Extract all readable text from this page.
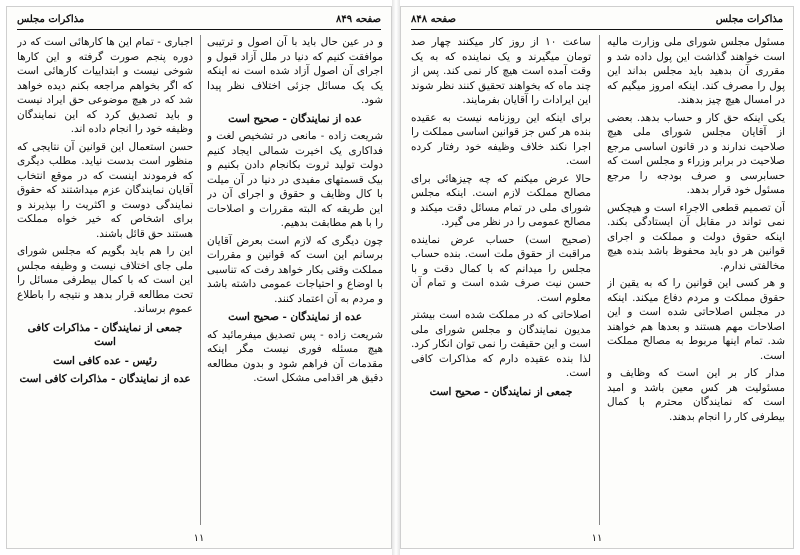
مذاکرات مجلس	صفحه ۸۴۹

و در عین حال باید با آن اصول و ترتیبی موافقت کنیم که دنیا در ملل آزاد قبول و اجرای آن اصول آزاد شده است نه اینکه یک یک مسائل جزئی اختلاف نظر پیدا شود.

عده از نمایندگان - صحیح است

شریعت زاده - مانعی در تشخیص لغت و فداکاری یک اخیرت شمالی ایجاد کنیم دولت تولید ثروت بکانجام دادن بکنیم و بیک قسمتهای مفیدی در دنیا در آن میلت با کال وظایف و حقوق و اجرای آن در این طریقه که البته مقررات و اصلاحات را با هم مطابقت بدهیم.

چون دیگری که لازم است بعرض آقایان برسانم این است که قوانین و مقررات مملکت وقتی بکار خواهد رفت که تناسبی با اوضاع و احتیاجات عمومی داشته باشد و مردم به آن اعتماد کنند.

عده از نمایندگان - صحیح است

شریعت زاده - پس تصدیق میفرمائید که هیچ مسئله فوری نیست مگر اینکه مقدمات آن فراهم شود و بدون مطالعه دقیق هر اقدامی مشکل است.

اجباری - تمام این ها کارهائی است که در دوره پنجم صورت گرفته و این کارها شوخی نیست و ابتداییات کارهائی است که اگر بخواهم مراجعه بکنم دیده خواهد شد که در هیچ موضوعی حق ایراد نیست و باید تصدیق کرد که این نمایندگان وظیفه خود را انجام داده اند.

حسن استعمال این قوانین آن نتایجی که منظور است بدست نیاید. مطلب دیگری که فرمودند اینست که در موقع انتخاب آقایان نمایندگان عزم میداشتند که حقوق نمایندگی دوست و اکثریت را بپذیرند و برای اشخاص که خیر خواه مملکت هستند حق قائل باشند.

این را هم باید بگویم که مجلس شورای ملی جای اختلاف نیست و وظیفه مجلس این است که با کمال بیطرفی مسائل را تحت مطالعه قرار بدهد و نتیجه را باطلاع عموم برساند.

جمعی از نمایندگان - مذاکرات کافی است

رئیس - عده کافی است

عده از نمایندگان - مذاکرات کافی است

۱۱
صفحه ۸۴۸	مذاکرات مجلس

مسئول مجلس شورای ملی وزارت مالیه است خواهند گذاشت این پول داده شد و مقرری آن بدهید باید مجلس بداند این پول را مصرف کند. اینکه امروز میگیم که در امسال هیچ چیز بدهند.

یکی اینکه حق کار و حساب بدهد. بعضی از آقایان مجلس شورای ملی هیچ صلاحیت ندارند و در قانون اساسی مرجع صلاحیت در برابر وزراء و مجلس است که حسابرسی و صرف بودجه را مرجع مسئول خود قرار بدهد.

آن تصمیم قطعی الاجراء است و هیچکس نمی تواند در مقابل آن ایستادگی بکند. اینکه حقوق دولت و مملکت و اجرای قوانین هر دو باید محفوظ باشد بنده هیچ مخالفتی ندارم.

و هر کسی این قوانین را که به یقین از حقوق مملکت و مردم دفاع میکند. اینکه در مجلس اصلاحاتی شده است و این اصلاحات مهم هستند و بعدها هم خواهند شد. تمام اینها مربوط به مصالح مملکت است.

مدار کار بر این است که وظایف و مسئولیت هر کس معین باشد و امید است که نمایندگان محترم با کمال بیطرفی کار را انجام بدهند.

ساعت ۱۰ از روز کار میکنند چهار صد تومان میگیرند و یک نماینده که به یک وقت آمده است هیچ کار نمی کند. پس از چند ماه که بخواهند تحقیق کنند نظر شوند این ایرادات را آقایان بفرمایند.

برای اینکه این روزنامه نیست به عقیده بنده هر کس جز قوانین اساسی مملکت را اجرا نکند خلاف وظیفه خود رفتار کرده است.

حالا عرض میکنم که چه چیزهائی برای مصالح مملکت لازم است. اینکه مجلس شورای ملی در تمام مسائل دقت میکند و مصالح عمومی را در نظر می گیرد.

(صحیح است) حساب عرض نماینده مراقبت از حقوق ملت است. بنده حساب مجلس را میدانم که با کمال دقت و با حسن نیت صرف شده است و تمام آن معلوم است.

اصلاحاتی که در مملکت شده است بیشتر مدیون نمایندگان و مجلس شورای ملی است و این حقیقت را نمی توان انکار کرد. لذا بنده عقیده دارم که مذاکرات کافی است.

جمعی از نمایندگان - صحیح است

۱۱
